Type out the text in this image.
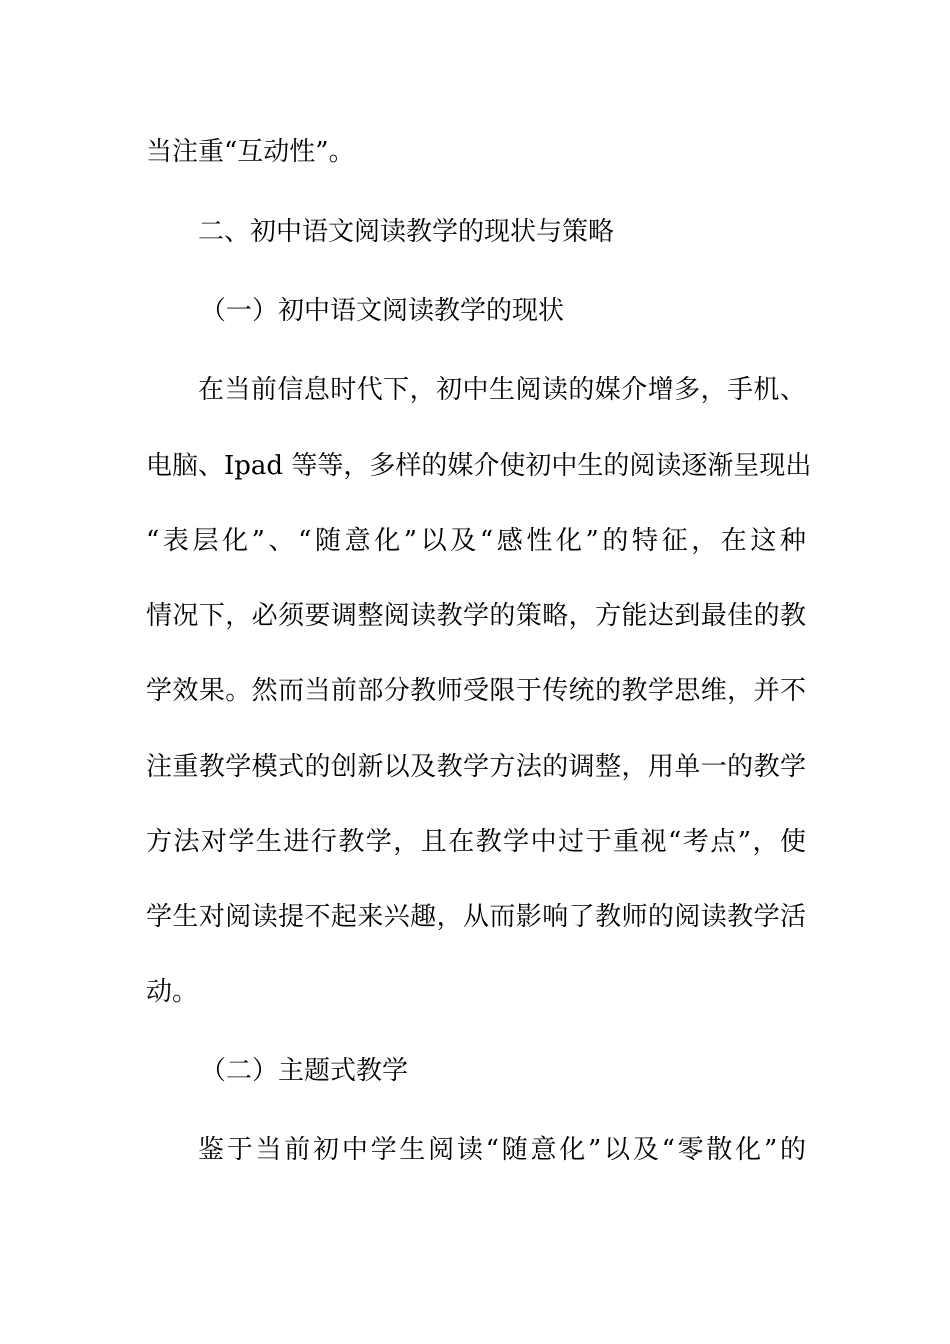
当注重“互动性”。
二、初中语文阅读教学的现状与策略
（一）初中语文阅读教学的现状
在当前信息时代下，初中生阅读的媒介增多，手机、
电脑、Ipad 等等，多样的媒介使初中生的阅读逐渐呈现出
“表层化”、“随意化”以及“感性化”的特征，在这种
情况下，必须要调整阅读教学的策略，方能达到最佳的教
学效果。然而当前部分教师受限于传统的教学思维，并不
注重教学模式的创新以及教学方法的调整，用单一的教学
方法对学生进行教学，且在教学中过于重视“考点”，使
学生对阅读提不起来兴趣，从而影响了教师的阅读教学活
动。
（二）主题式教学
鉴于当前初中学生阅读“随意化”以及“零散化”的
